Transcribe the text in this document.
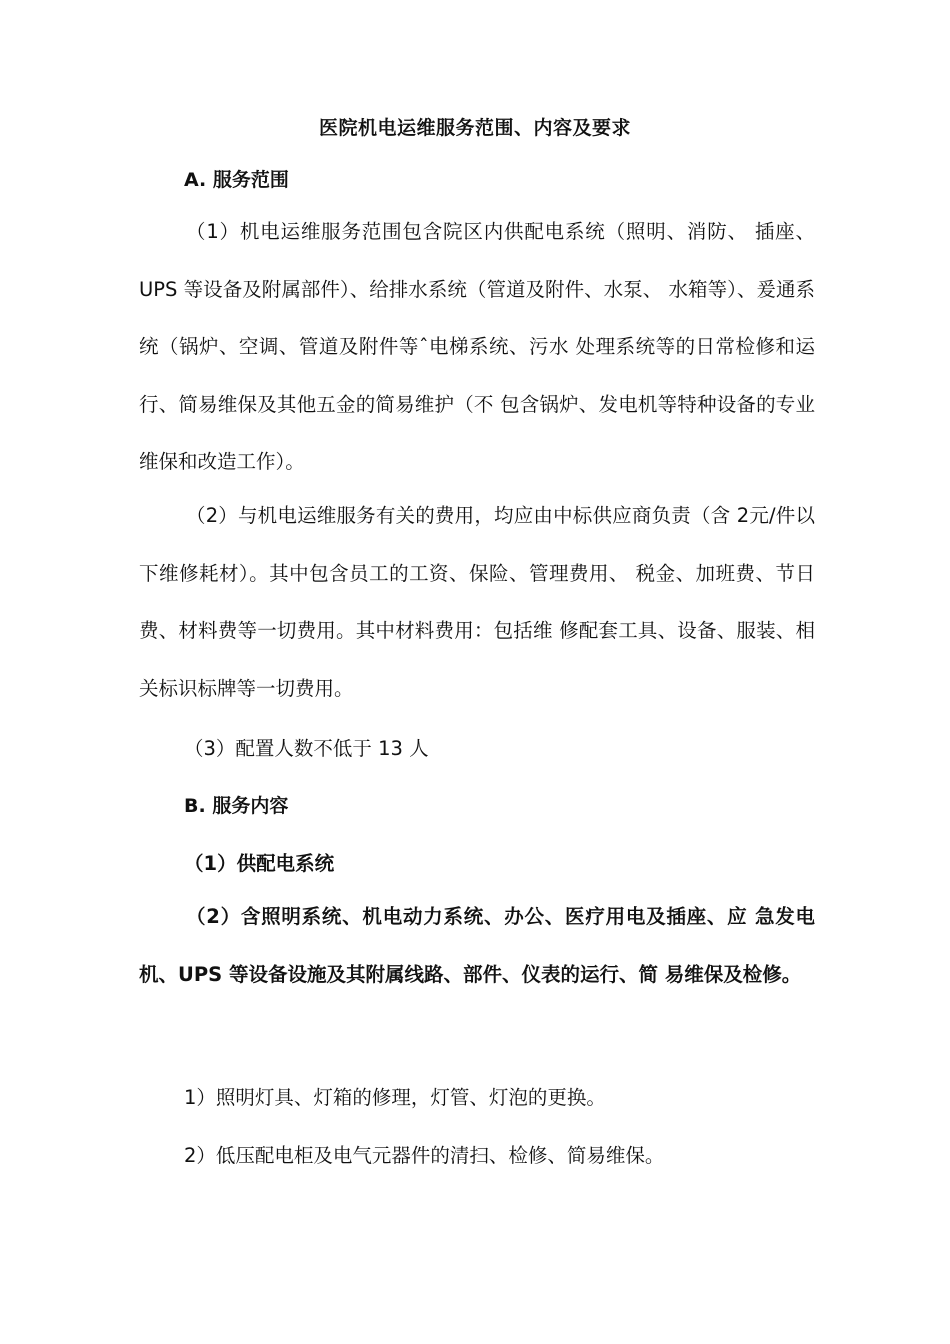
医院机电运维服务范围、内容及要求
A. 服务范围

（1）机电运维服务范围包含院区内供配电系统（照明、消防、 插座、UPS 等设备及附属部件）、给排水系统（管道及附件、水泵、 水箱等）、爰通系统（锅炉、空调、管道及附件等ˆ电梯系统、污水 处理系统等的日常检修和运行、简易维保及其他五金的简易维护（不 包含锅炉、发电机等特种设备的专业维保和改造工作）。

（2）与机电运维服务有关的费用，均应由中标供应商负责（含 2元/件以下维修耗材）。其中包含员工的工资、保险、管理费用、 税金、加班费、节日费、材料费等一切费用。其中材料费用：包括维 修配套工具、设备、服装、相关标识标牌等一切费用。

（3）配置人数不低于 13 人
B. 服务内容
（1）供配电系统

（2）含照明系统、机电动力系统、办公、医疗用电及插座、应 急发电机、UPS 等设备设施及其附属线路、部件、仪表的运行、简 易维保及检修。

1）照明灯具、灯箱的修理，灯管、灯泡的更换。
2）低压配电柜及电气元器件的清扫、检修、简易维保。
